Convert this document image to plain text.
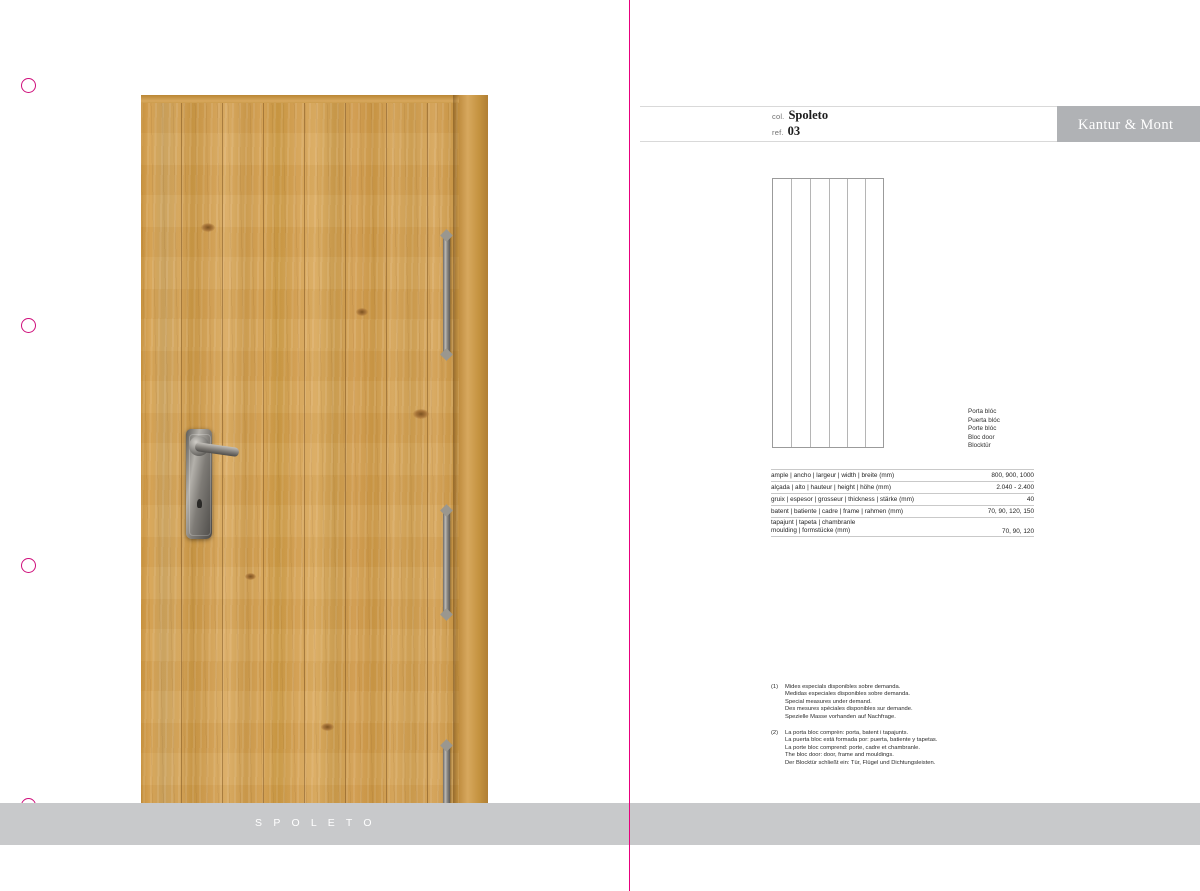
S P O L E T O
Kantur & Mont
col. Spoleto
ref. 03
Porta blóc
Puerta blóc
Porte blóc
Bloc door
Blocktür
ample | ancho | largeur | width | breite (mm)	800, 900, 1000
alçada | alto | hauteur | height | höhe (mm)	2.040 - 2.400
gruix | espesor | grosseur | thickness | stärke (mm)	40
batent | batiente | cadre | frame | rahmen (mm)	70, 90, 120, 150
tapajunt | tapeta | chambranle
moulding | formstücke (mm)	70, 90, 120
(1)	Mides especials disponibles sobre demanda.
Medidas especiales disponibles sobre demanda.
Special measures under demand.
Des mesures spéciales disponibles sur demande.
Spezielle Masse vorhanden auf Nachfrage.
(2)	La porta bloc comprèn: porta, batent i tapajunts.
La puerta bloc está formada por: puerta, batiente y tapetas.
La porte bloc comprend: porte, cadre et chambranle.
The bloc door: door, frame and mouldings.
Der Blocktür schließt ein: Tür, Flügel und Dichtungsleisten.
